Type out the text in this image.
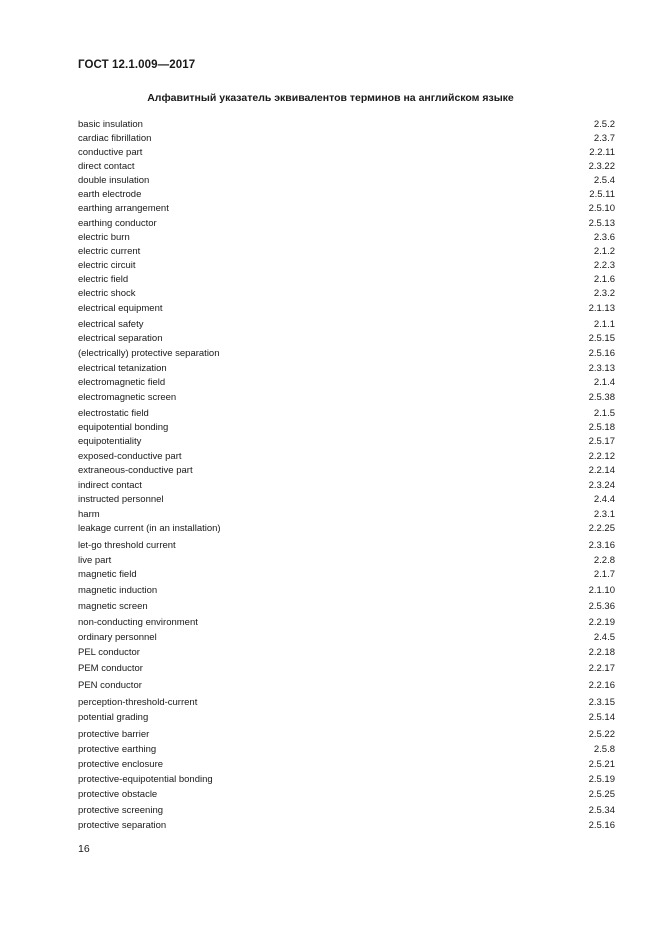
ГОСТ 12.1.009—2017
Алфавитный указатель эквивалентов терминов на английском языке
basic insulation	2.5.2
cardiac fibrillation	2.3.7
conductive part	2.2.11
direct contact	2.3.22
double insulation	2.5.4
earth electrode	2.5.11
earthing arrangement	2.5.10
earthing conductor	2.5.13
electric burn	2.3.6
electric current	2.1.2
electric circuit	2.2.3
electric field	2.1.6
electric shock	2.3.2
electrical equipment	2.1.13
electrical safety	2.1.1
electrical separation	2.5.15
(electrically) protective separation	2.5.16
electrical tetanization	2.3.13
electromagnetic field	2.1.4
electromagnetic screen	2.5.38
electrostatic field	2.1.5
equipotential bonding	2.5.18
equipotentiality	2.5.17
exposed-conductive part	2.2.12
extraneous-conductive part	2.2.14
indirect contact	2.3.24
instructed personnel	2.4.4
harm	2.3.1
leakage current (in an installation)	2.2.25
let-go threshold current	2.3.16
live part	2.2.8
magnetic field	2.1.7
magnetic induction	2.1.10
magnetic screen	2.5.36
non-conducting environment	2.2.19
ordinary personnel	2.4.5
PEL conductor	2.2.18
PEM conductor	2.2.17
PEN conductor	2.2.16
perception-threshold-current	2.3.15
potential grading	2.5.14
protective barrier	2.5.22
protective earthing	2.5.8
protective enclosure	2.5.21
protective-equipotential bonding	2.5.19
protective obstacle	2.5.25
protective screening	2.5.34
protective separation	2.5.16
16
